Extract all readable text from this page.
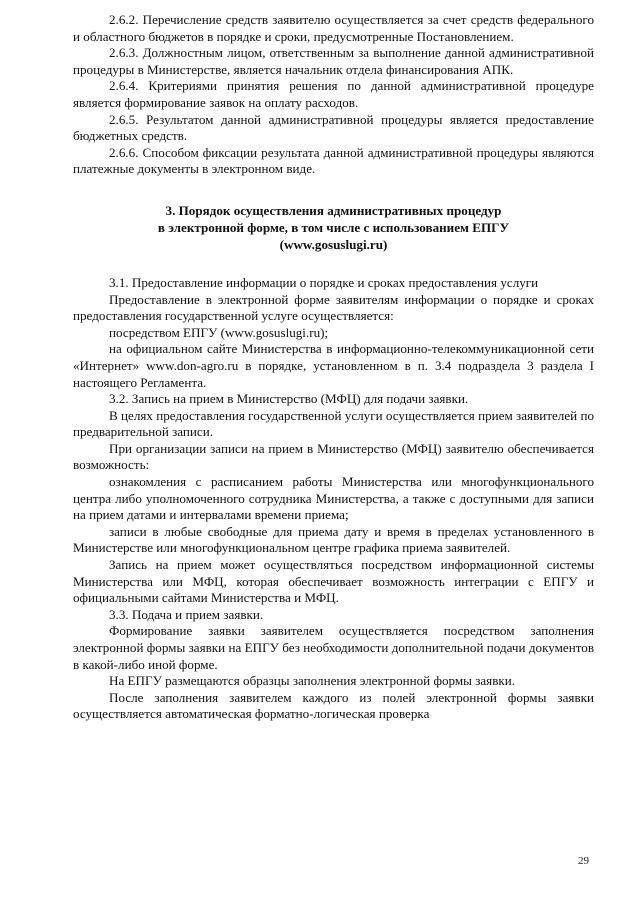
2.6.2. Перечисление средств заявителю осуществляется за счет средств федерального и областного бюджетов в порядке и сроки, предусмотренные Постановлением.

2.6.3. Должностным лицом, ответственным за выполнение данной административной процедуры в Министерстве, является начальник отдела финансирования АПК.

2.6.4. Критериями принятия решения по данной административной процедуре является формирование заявок на оплату расходов.

2.6.5. Результатом данной административной процедуры является предоставление бюджетных средств.

2.6.6. Способом фиксации результата данной административной процедуры являются платежные документы в электронном виде.

3. Порядок осуществления административных процедур
в электронной форме, в том числе с использованием ЕПГУ
(www.gosuslugi.ru)

3.1. Предоставление информации о порядке и сроках предоставления услуги

Предоставление в электронной форме заявителям информации о порядке и сроках предоставления государственной услуге осуществляется:

посредством ЕПГУ (www.gosuslugi.ru);

на официальном сайте Министерства в информационно-телекоммуникационной сети «Интернет» www.don-agro.ru в порядке, установленном в п. 3.4 подраздела 3 раздела I настоящего Регламента.

3.2. Запись на прием в Министерство (МФЦ) для подачи заявки.

В целях предоставления государственной услуги осуществляется прием заявителей по предварительной записи.

При организации записи на прием в Министерство (МФЦ) заявителю обеспечивается возможность:

ознакомления с расписанием работы Министерства или многофункционального центра либо уполномоченного сотрудника Министерства, а также с доступными для записи на прием датами и интервалами времени приема;

записи в любые свободные для приема дату и время в пределах установленного в Министерстве или многофункциональном центре графика приема заявителей.

Запись на прием может осуществляться посредством информационной системы Министерства или МФЦ, которая обеспечивает возможность интеграции с ЕПГУ и официальными сайтами Министерства и МФЦ.

3.3. Подача и прием заявки.

Формирование заявки заявителем осуществляется посредством заполнения электронной формы заявки на ЕПГУ без необходимости дополнительной подачи документов в какой-либо иной форме.

На ЕПГУ размещаются образцы заполнения электронной формы заявки.

После заполнения заявителем каждого из полей электронной формы заявки осуществляется автоматическая форматно-логическая проверка

29
